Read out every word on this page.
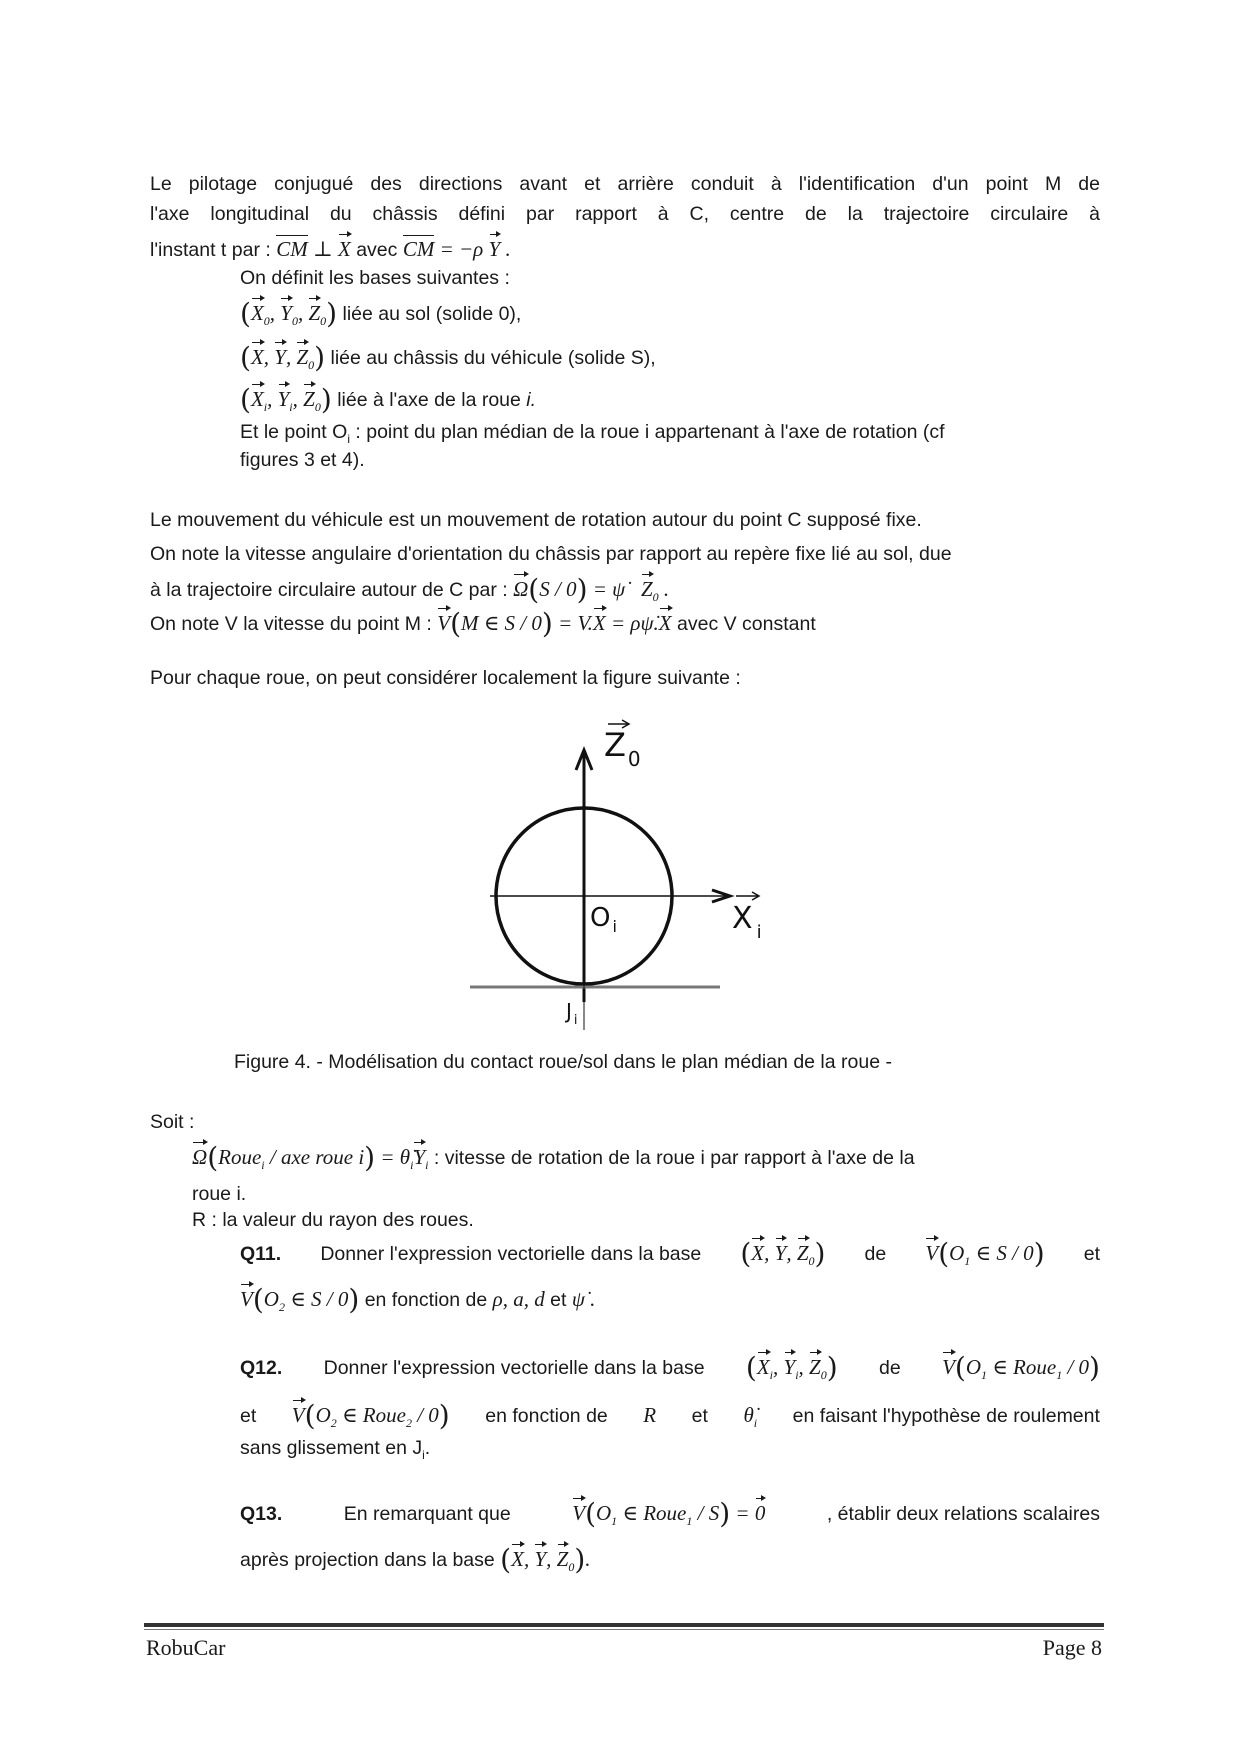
Le pilotage conjugué des directions avant et arrière conduit à l'identification d'un point M de
l'axe longitudinal du châssis défini par rapport à C, centre de la trajectoire circulaire à
l'instant t par : CM ⊥ X avec CM = −ρ Y .
On définit les bases suivantes :
($X_0$, $Y_0$, $Z_0$) liée au sol (solide 0),
(X, Y, $Z_0$) liée au châssis du véhicule (solide S),
($X_i$, $Y_i$, $Z_0$) liée à l'axe de la roue i.
Et le point $O_i$ : point du plan médian de la roue i appartenant à l'axe de rotation (cf
figures 3 et 4).
Le mouvement du véhicule est un mouvement de rotation autour du point C supposé fixe.
On note la vitesse angulaire d'orientation du châssis par rapport au repère fixe lié au sol, due
à la trajectoire circulaire autour de C par : Ω(S / 0) = ψ̇   $Z_0$ .
On note V la vitesse du point M : V(M ∈ S / 0) = V.X = ρψ̇.X avec V constant
Pour chaque roue, on peut considérer localement la figure suivante :
Z $_0$
X $_i$
O $_i$
J $_i$
Figure 4. - Modélisation du contact roue/sol dans le plan médian de la roue -
Soit :
Ω(Roue$_i$ / axe roue $i) = \thetȧ_iY_i$ : vitesse de rotation de la roue i par rapport à l'axe de la
roue i.
R : la valeur du rayon des roues.
Q11. Donner l'expression vectorielle dans la base (X, Y, $Z_0$) de $V(O_1$ ∈ S / 0) et
$V(O_2$ ∈ S / 0) en fonction de ρ, a, d et ψ̇ .
Q12. Donner l'expression vectorielle dans la base ($X_i$, $Y_i$, $Z_0$) de $V(O_1$ ∈ Roue$_1$ / 0)
et $V(O_2$ ∈ Roue$_2$ / 0) en fonction de R et $\thetȧ_i$ en faisant l'hypothèse de roulement
sans glissement en $J_i$.
Q13.	En remarquant que	$V(O_1$ ∈ Roue$_1$ / S) = 0	, établir deux relations scalaires
après projection dans la base (X, Y, $Z_0$).
RobuCar	Page 8
